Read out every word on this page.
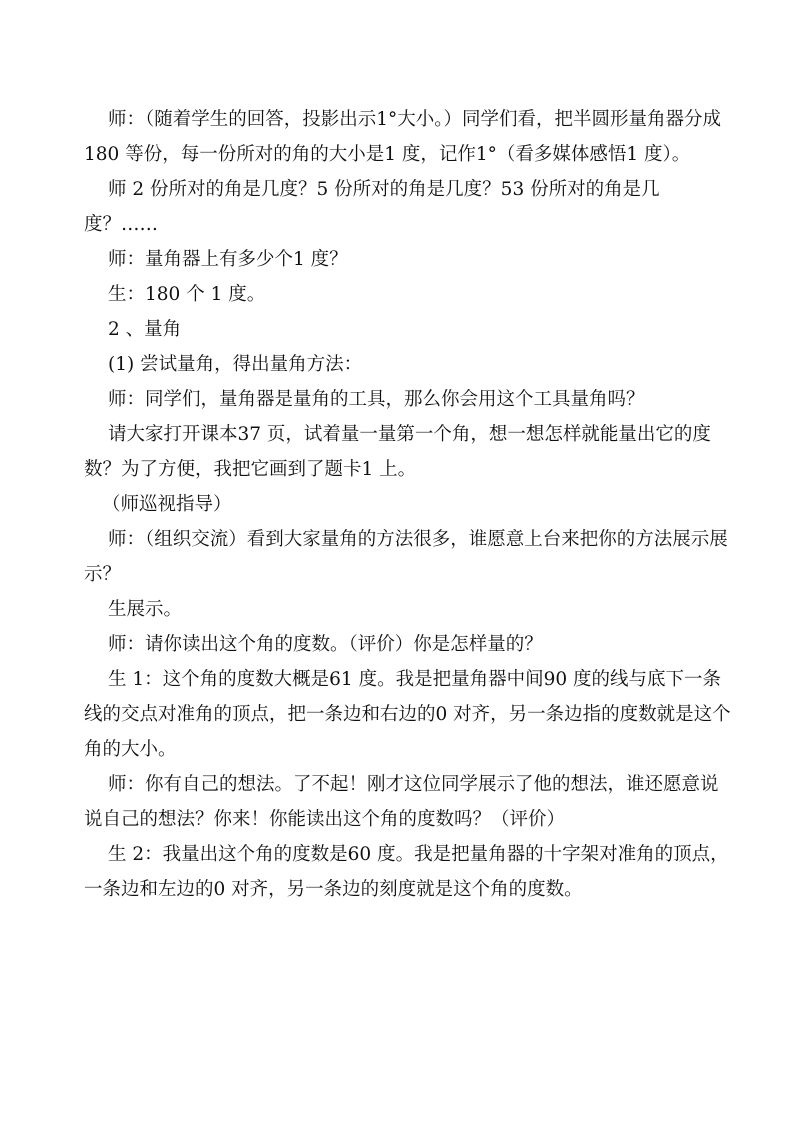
师：（随着学生的回答，投影出示1°大小。）同学们看，把半圆形量角器分成180 等份，每一份所对的角的大小是1 度，记作1°（看多媒体感悟1 度）。

师 2 份所对的角是几度？5 份所对的角是几度？53 份所对的角是几度？……

师：量角器上有多少个1 度？

生：180 个 1 度。

2 、量角

(1) 尝试量角，得出量角方法：

师：同学们，量角器是量角的工具，那么你会用这个工具量角吗？

请大家打开课本37 页，试着量一量第一个角，想一想怎样就能量出它的度数？为了方便，我把它画到了题卡1 上。

（师巡视指导）

师：（组织交流）看到大家量角的方法很多，谁愿意上台来把你的方法展示展示？

生展示。

师：请你读出这个角的度数。（评价）你是怎样量的？

生 1：这个角的度数大概是61 度。我是把量角器中间90 度的线与底下一条线的交点对准角的顶点，把一条边和右边的0 对齐，另一条边指的度数就是这个角的大小。

师：你有自己的想法。了不起！刚才这位同学展示了他的想法，谁还愿意说说自己的想法？你来！你能读出这个角的度数吗？（评价）

生 2：我量出这个角的度数是60 度。我是把量角器的十字架对准角的顶点，一条边和左边的0 对齐，另一条边的刻度就是这个角的度数。
